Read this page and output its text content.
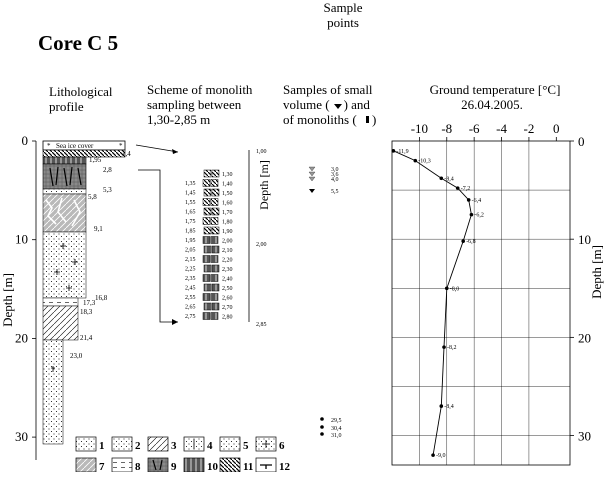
Core C 5
Sample
points
Lithological
profile
Scheme of monolith
sampling between
1,30-2,85 m
Samples of small
volume ( ) and
of monoliths ( )
*	*
Sea ice cover
0
10
20
30
Depth [m]
1,4
1,95
2,8
5,8
5,3
9,1
16,8
17,3
18,3
21,4
23,0
1,35
1,45
1,55
1,65
1,75
1,85
1,95
2,05
2,15
2,25
2,35
2,45
2,55
2,65
2,75
1,30
1,40
1,50
1,60
1,70
1,80
1,90
2,00
2,10
2,20
2,30
2,40
2,50
2,60
2,70
2,80
1,00
2,00
2,85
Depth [m]	3,0
3,6
4,0
5,5
29,5
30,4
31,0
Ground temperature [°C]
26.04.2005.
-10 -8 -6 -4 -2 0
0
10
20
30
Depth [m]
-11,9
-10,3
-8,4
-7,2
-6,4
-6,2
-6,8
-8,0
-8,2
-8,4
-9,0
1	2	3	4	5	6
7	8	9	10 11 12
